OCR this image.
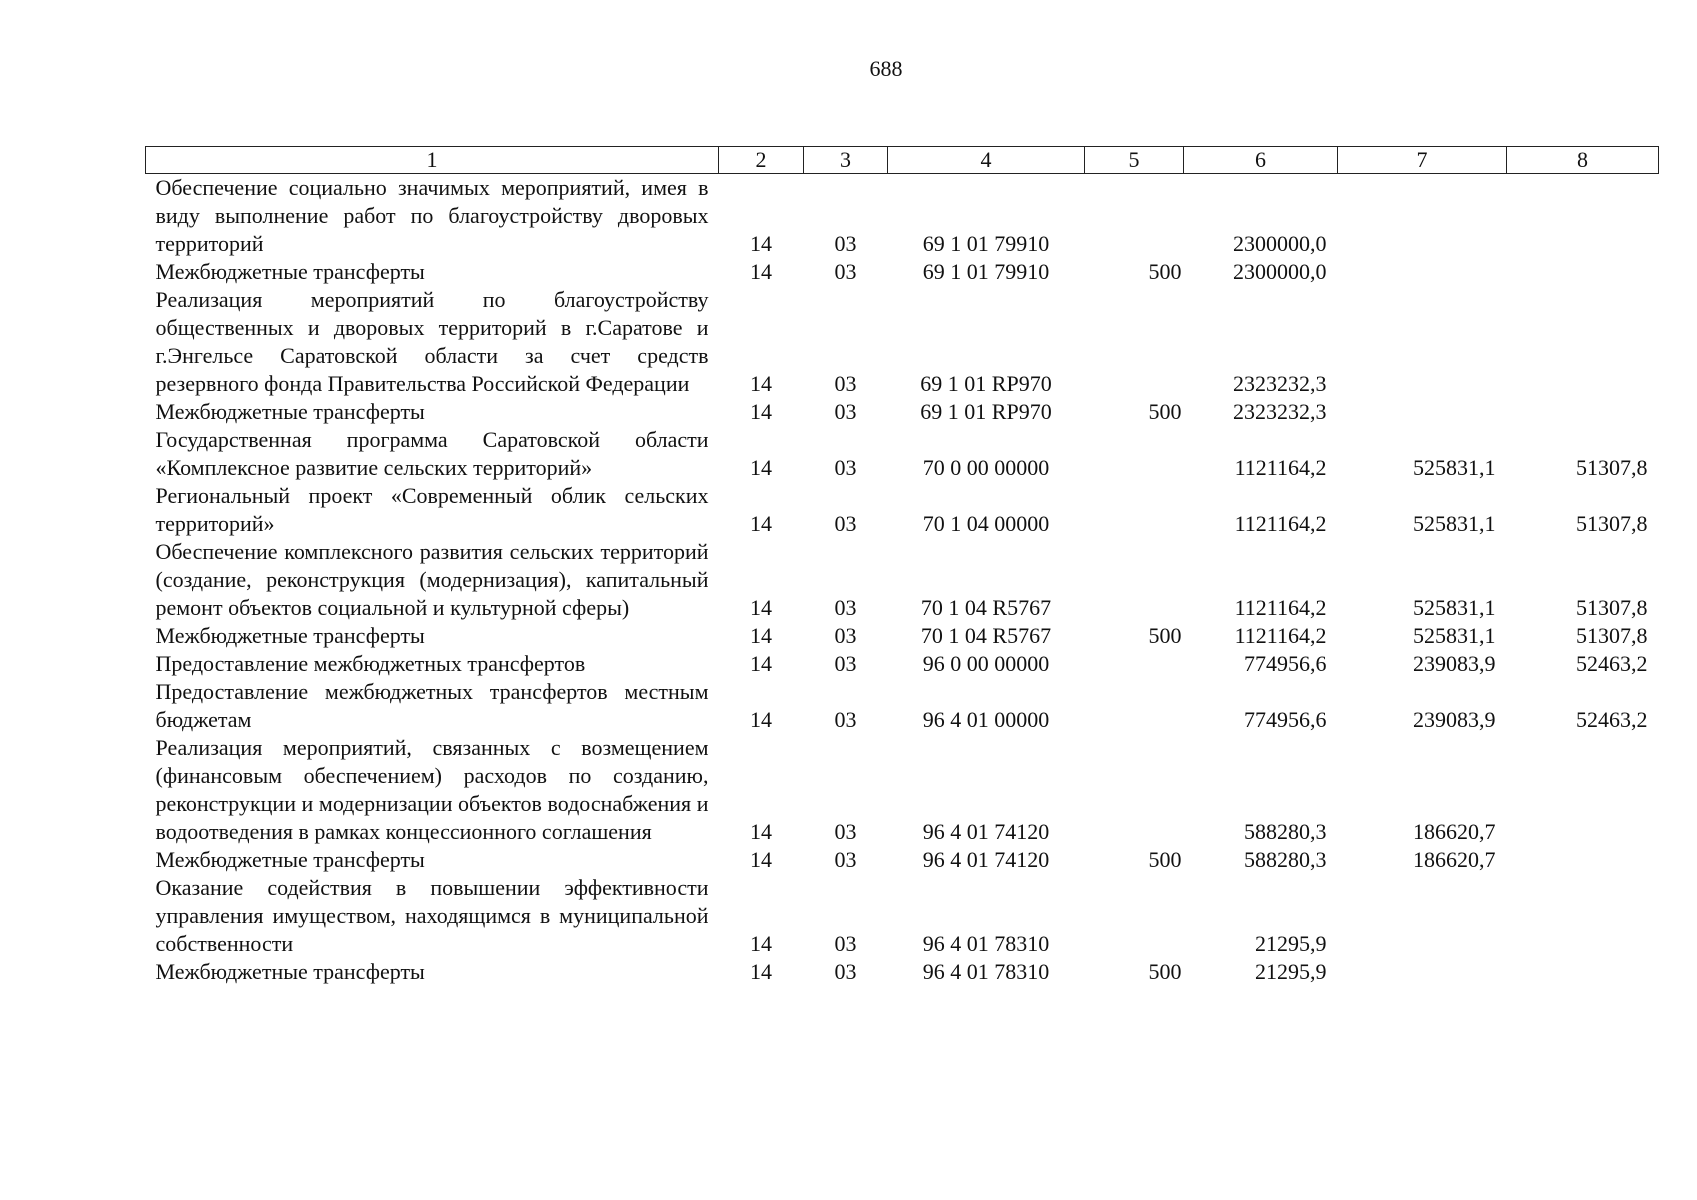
688
1	2	3	4	5	6	7	8

Обеспечение социально значимых мероприятий, имея в виду выполнение работ по благоустройству дворовых территорий	14	03	69 1 01 79910		2300000,0		

Межбюджетные трансферты	14	03	69 1 01 79910	500	2300000,0		

Реализация мероприятий по благоустройству общественных и дворовых территорий в г.Саратове и г.Энгельсе Саратовской области за счет средств резервного фонда Правительства Российской Федерации	14	03	69 1 01 RP970		2323232,3		

Межбюджетные трансферты	14	03	69 1 01 RP970	500	2323232,3		

Государственная программа Саратовской области «Комплексное развитие сельских территорий»	14	03	70 0 00 00000		1121164,2	525831,1	51307,8

Региональный проект «Современный облик сельских территорий»	14	03	70 1 04 00000		1121164,2	525831,1	51307,8

Обеспечение комплексного развития сельских территорий (создание, реконструкция (модернизация), капитальный ремонт объектов социальной и культурной сферы)	14	03	70 1 04 R5767		1121164,2	525831,1	51307,8

Межбюджетные трансферты	14	03	70 1 04 R5767	500	1121164,2	525831,1	51307,8

Предоставление межбюджетных трансфертов	14	03	96 0 00 00000		774956,6	239083,9	52463,2

Предоставление межбюджетных трансфертов местным бюджетам	14	03	96 4 01 00000		774956,6	239083,9	52463,2

Реализация мероприятий, связанных с возмещением (финансовым обеспечением) расходов по созданию, реконструкции и модернизации объектов водоснабжения и водоотведения в рамках концессионного соглашения	14	03	96 4 01 74120		588280,3	186620,7	

Межбюджетные трансферты	14	03	96 4 01 74120	500	588280,3	186620,7	

Оказание содействия в повышении эффективности управления имуществом, находящимся в муниципальной собственности	14	03	96 4 01 78310		21295,9		

Межбюджетные трансферты	14	03	96 4 01 78310	500	21295,9		
